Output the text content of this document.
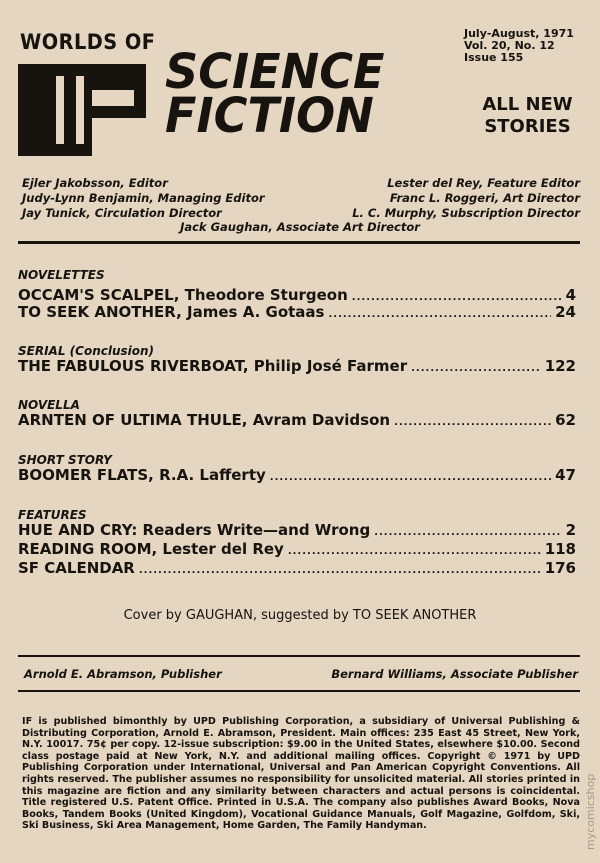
WORLDS OF
SCIENCE
FICTION
July-August, 1971
Vol. 20, No. 12
Issue 155
ALL NEW
STORIES
Ejler Jakobsson, Editor
Judy-Lynn Benjamin, Managing Editor
Jay Tunick, Circulation Director
Lester del Rey, Feature Editor
Franc L. Roggeri, Art Director
L. C. Murphy, Subscription Director
Jack Gaughan, Associate Art Director
NOVELETTES
OCCAM'S SCALPEL, Theodore Sturgeon .....	4
TO SEEK ANOTHER, James A. Gotaas .....	24
SERIAL (Conclusion)
THE FABULOUS RIVERBOAT, Philip José Farmer .....	122
NOVELLA
ARNTEN OF ULTIMA THULE, Avram Davidson .....	62
SHORT STORY
BOOMER FLATS, R.A. Lafferty .....	47
FEATURES
HUE AND CRY: Readers Write—and Wrong .....	2
READING ROOM, Lester del Rey .....	118
SF CALENDAR .....	176
Cover by GAUGHAN, suggested by TO SEEK ANOTHER
Arnold E. Abramson, Publisher	Bernard Williams, Associate Publisher
IF is published bimonthly by UPD Publishing Corporation, a subsidiary of Universal Publishing & Distributing Corporation, Arnold E. Abramson, President. Main offices: 235 East 45 Street, New York, N.Y. 10017. 75¢ per copy. 12-issue subscription: $9.00 in the United States, elsewhere $10.00. Second class postage paid at New York, N.Y. and additional mailing offices. Copyright © 1971 by UPD Publishing Corporation under International, Universal and Pan American Copyright Conventions. All rights reserved. The publisher assumes no responsibility for unsolicited material. All stories printed in this magazine are fiction and any similarity between characters and actual persons is coincidental. Title registered U.S. Patent Office. Printed in U.S.A. The company also publishes Award Books, Nova Books, Tandem Books (United Kingdom), Vocational Guidance Manuals, Golf Magazine, Golfdom, Ski, Ski Business, Ski Area Management, Home Garden, The Family Handyman.	mycomicshop
